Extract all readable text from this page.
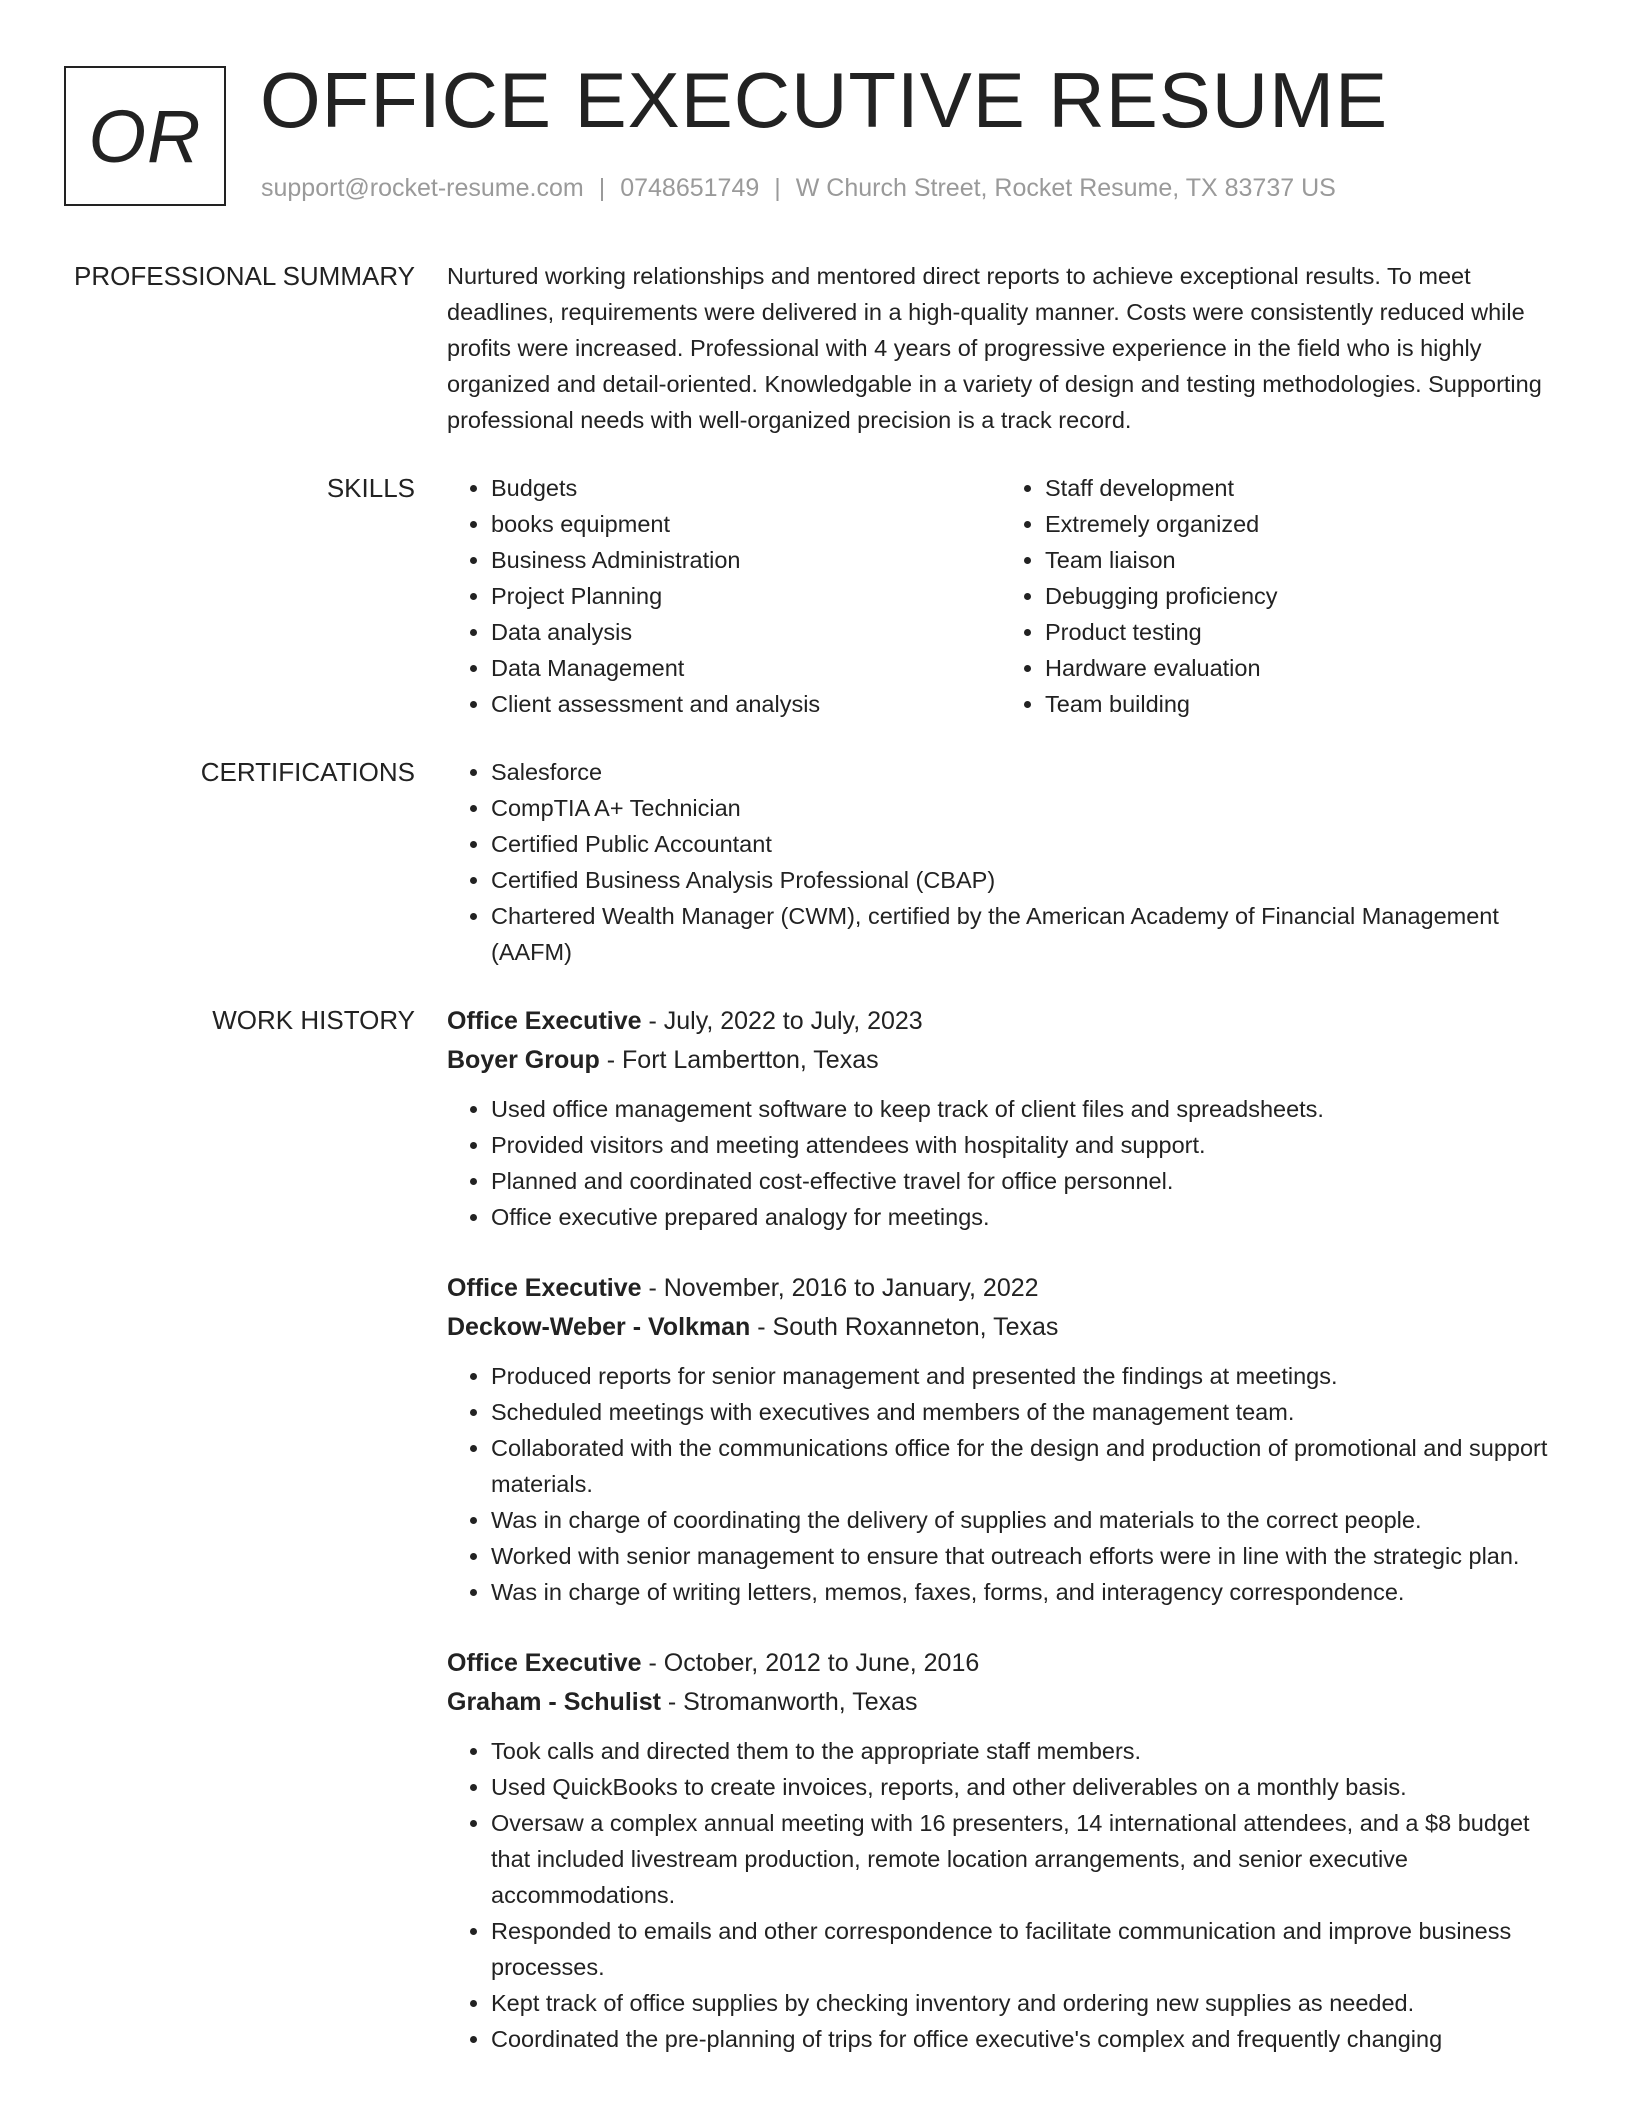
OR OFFICE EXECUTIVE RESUME
support@rocket-resume.com | 0748651749 | W Church Street, Rocket Resume, TX 83737 US
PROFESSIONAL SUMMARY Nurtured working relationships and mentored direct reports to achieve exceptional results. To meet deadlines, requirements were delivered in a high-quality manner. Costs were consistently reduced while profits were increased. Professional with 4 years of progressive experience in the field who is highly organized and detail-oriented. Knowledgable in a variety of design and testing methodologies. Supporting professional needs with well-organized precision is a track record.

SKILLS	• Budgets
• books equipment
• Business Administration
• Project Planning
• Data analysis
• Data Management
• Client assessment and analysis
• Staff development
• Extremely organized
• Team liaison
• Debugging proficiency
• Product testing
• Hardware evaluation
• Team building
CERTIFICATIONS	• Salesforce
• CompTIA A+ Technician
• Certified Public Accountant
• Certified Business Analysis Professional (CBAP)
• Chartered Wealth Manager (CWM), certified by the American Academy of Financial Management (AAFM)
WORK HISTORY Office Executive - July, 2022 to July, 2023
Boyer Group - Fort Lambertton, Texas
• Used office management software to keep track of client files and spreadsheets.
• Provided visitors and meeting attendees with hospitality and support.
• Planned and coordinated cost-effective travel for office personnel.
• Office executive prepared analogy for meetings.
Office Executive - November, 2016 to January, 2022
Deckow-Weber - Volkman - South Roxanneton, Texas
• Produced reports for senior management and presented the findings at meetings.
• Scheduled meetings with executives and members of the management team.
• Collaborated with the communications office for the design and production of promotional and support materials.
• Was in charge of coordinating the delivery of supplies and materials to the correct people.
• Worked with senior management to ensure that outreach efforts were in line with the strategic plan.
• Was in charge of writing letters, memos, faxes, forms, and interagency correspondence.
Office Executive - October, 2012 to June, 2016
Graham - Schulist - Stromanworth, Texas
• Took calls and directed them to the appropriate staff members.
• Used QuickBooks to create invoices, reports, and other deliverables on a monthly basis.
• Oversaw a complex annual meeting with 16 presenters, 14 international attendees, and a $8 budget that included livestream production, remote location arrangements, and senior executive accommodations.
• Responded to emails and other correspondence to facilitate communication and improve business processes.
• Kept track of office supplies by checking inventory and ordering new supplies as needed.
• Coordinated the pre-planning of trips for office executive's complex and frequently changing
